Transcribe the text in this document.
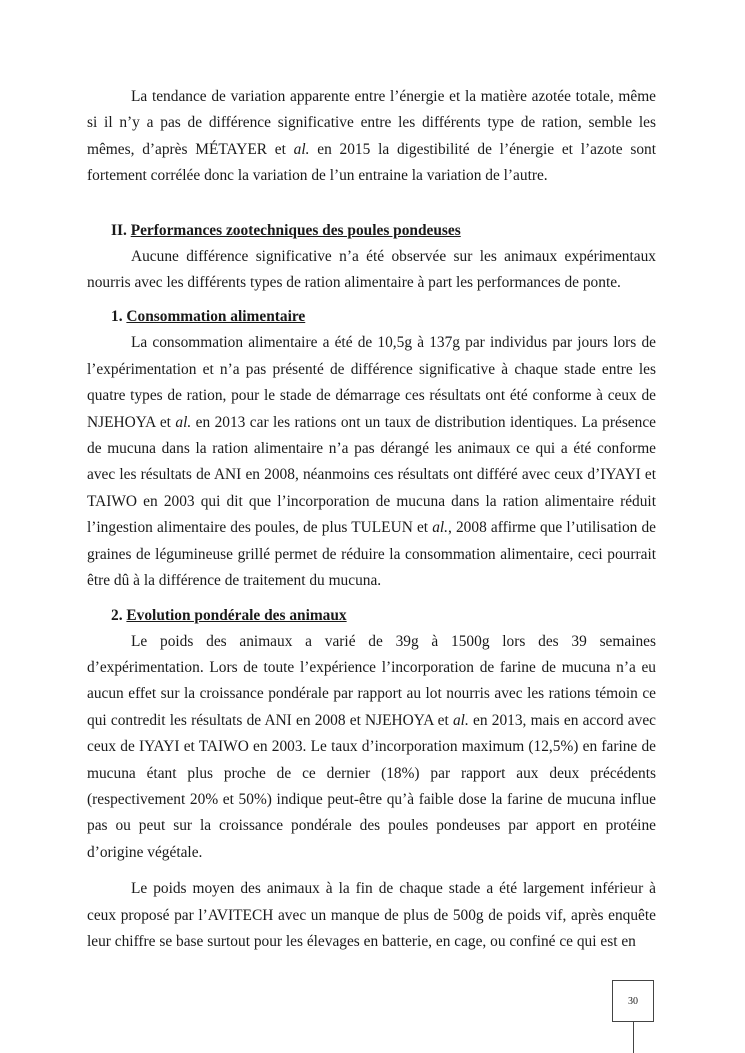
La tendance de variation apparente entre l’énergie et la matière azotée totale, même si il n’y a pas de différence significative entre les différents type de ration, semble les mêmes, d’après MÉTAYER et al. en 2015 la digestibilité de l’énergie et l’azote sont fortement corrélée donc la variation de l’un entraine la variation de l’autre.

II. Performances zootechniques des poules pondeuses

Aucune différence significative n’a été observée sur les animaux expérimentaux nourris avec les différents types de ration alimentaire à part les performances de ponte.

1. Consommation alimentaire

La consommation alimentaire a été de 10,5g à 137g par individus par jours lors de l’expérimentation et n’a pas présenté de différence significative à chaque stade entre les quatre types de ration, pour le stade de démarrage ces résultats ont été conforme à ceux de NJEHOYA et al. en 2013 car les rations ont un taux de distribution identiques. La présence de mucuna dans la ration alimentaire n’a pas dérangé les animaux ce qui a été conforme avec les résultats de ANI en 2008, néanmoins ces résultats ont différé avec ceux d’IYAYI et TAIWO en 2003 qui dit que l’incorporation de mucuna dans la ration alimentaire réduit l’ingestion alimentaire des poules, de plus TULEUN et al., 2008 affirme que l’utilisation de graines de légumineuse grillé permet de réduire la consommation alimentaire, ceci pourrait être dû à la différence de traitement du mucuna.

2. Evolution pondérale des animaux

Le poids des animaux a varié de 39g à 1500g lors des 39 semaines d’expérimentation. Lors de toute l’expérience l’incorporation de farine de mucuna n’a eu aucun effet sur la croissance pondérale par rapport au lot nourris avec les rations témoin ce qui contredit les résultats de ANI en 2008 et NJEHOYA et al. en 2013, mais en accord avec ceux de IYAYI et TAIWO en 2003. Le taux d’incorporation maximum (12,5%) en farine de mucuna étant plus proche de ce dernier (18%) par rapport aux deux précédents (respectivement 20% et 50%) indique peut-être qu’à faible dose la farine de mucuna influe pas ou peut sur la croissance pondérale des poules pondeuses par apport en protéine d’origine végétale.

Le poids moyen des animaux à la fin de chaque stade a été largement inférieur à ceux proposé par l’AVITECH avec un manque de plus de 500g de poids vif, après enquête leur chiffre se base surtout pour les élevages en batterie, en cage, ou confiné ce qui est en

30
